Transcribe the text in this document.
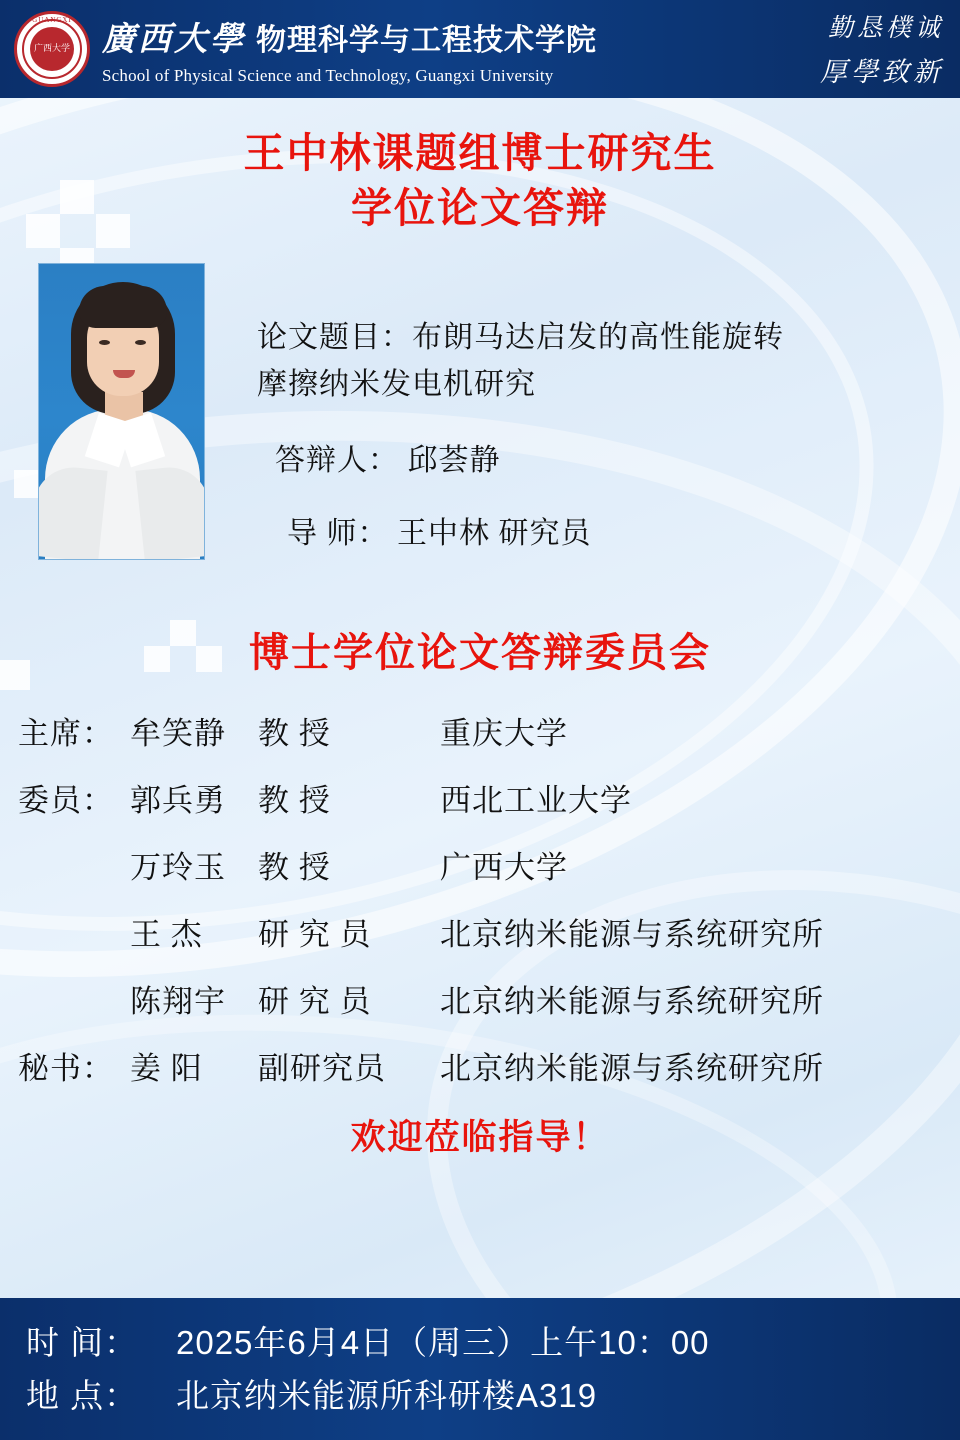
GUANGXI
广西大学 廣西大學 物理科学与工程技术学院
School of Physical Science and Technology, Guangxi University
勤恳樸诚
厚學致新
王中林课题组博士研究生
学位论文答辩
论文题目：布朗马达启发的高性能旋转
摩擦纳米发电机研究
答辩人： 邱荟静
导 师： 王中林 研究员
博士学位论文答辩委员会
主席： 牟笑静	教 授	重庆大学
委员： 郭兵勇	教 授	西北工业大学
万玲玉	教 授	广西大学
王 杰	研 究 员	北京纳米能源与系统研究所
陈翔宇	研 究 员	北京纳米能源与系统研究所
秘书： 姜 阳	副研究员	北京纳米能源与系统研究所
欢迎莅临指导！
时 间：	2025年6月4日（周三）上午10：00
地 点：	北京纳米能源所科研楼A319
